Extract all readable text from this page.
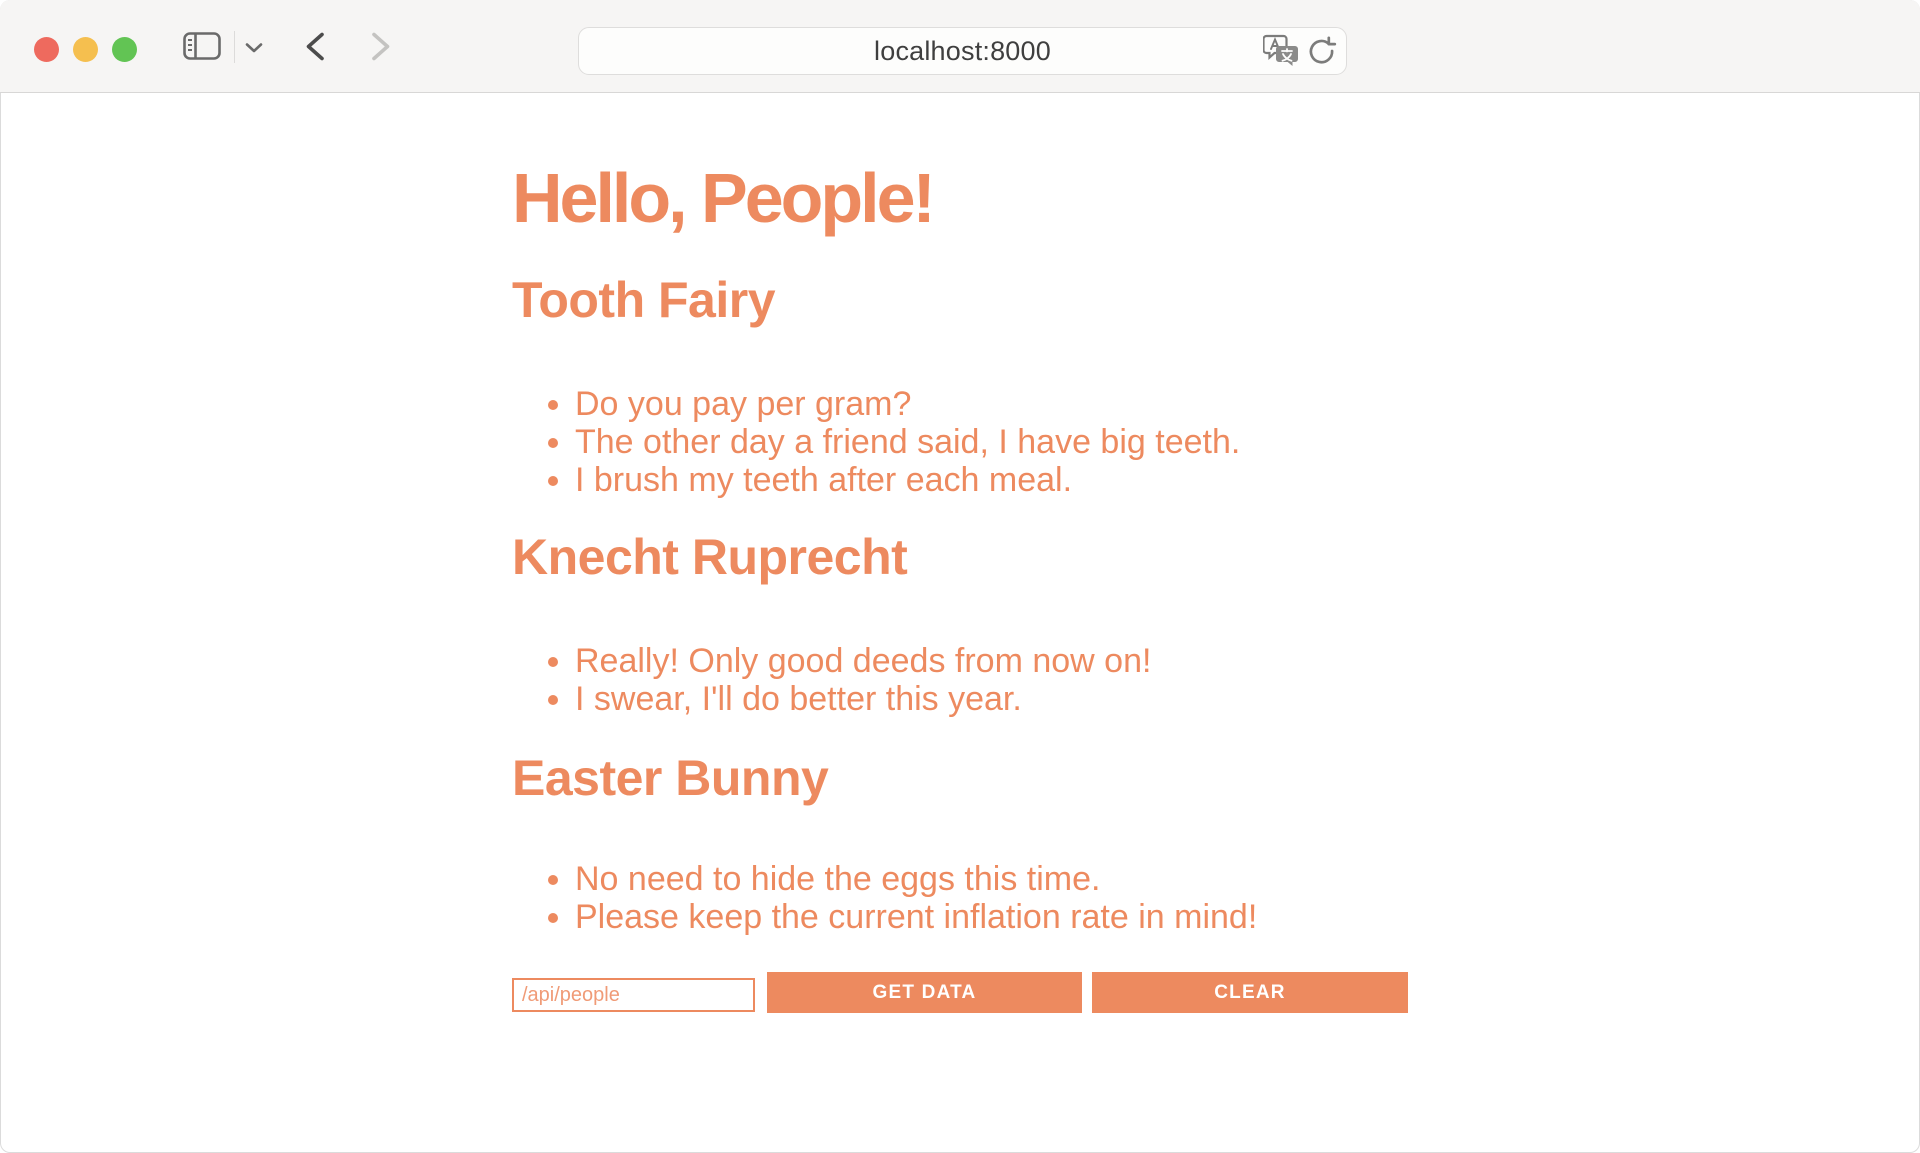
localhost:8000
Hello, People!
Tooth Fairy
• Do you pay per gram?
• The other day a friend said, I have big teeth.
• I brush my teeth after each meal.
Knecht Ruprecht
• Really! Only good deeds from now on!
• I swear, I'll do better this year.
Easter Bunny
• No need to hide the eggs this time.
• Please keep the current inflation rate in mind!
/api/people
GET DATA	CLEAR
